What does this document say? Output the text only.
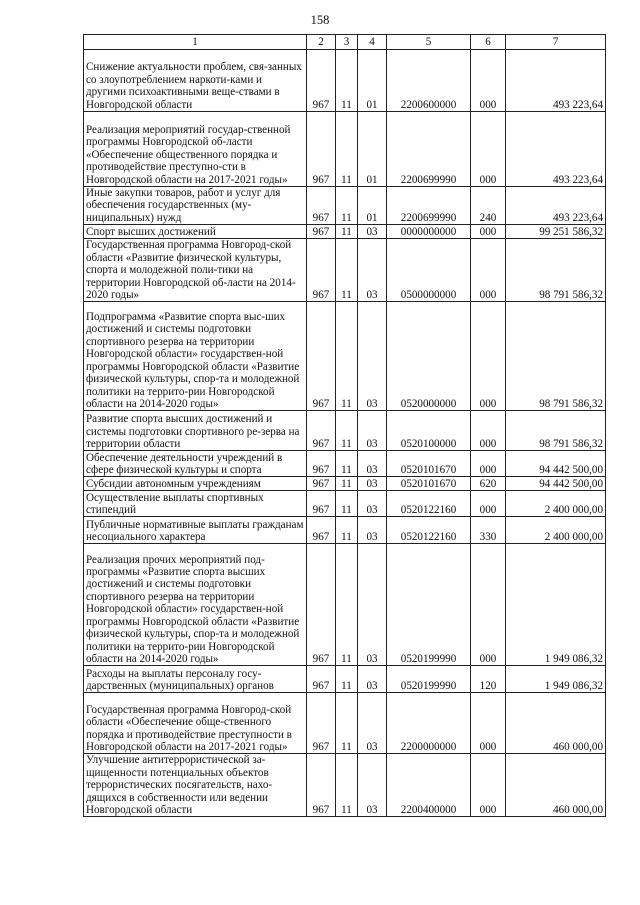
158
1	2	3	4	5	6	7
Снижение актуальности проблем, свя-занных со злоупотреблением наркоти-ками и другими психоактивными веще-ствами в Новгородской области	967	11	01	2200600000	000	493 223,64
Реализация мероприятий государ-ственной программы Новгородской об-ласти «Обеспечение общественного порядка и противодействие преступно-сти в Новгородской области на 2017-2021 годы»	967	11	01	2200699990	000	493 223,64
Иные закупки товаров, работ и услуг для обеспечения государственных (му-ниципальных) нужд	967	11	01	2200699990	240	493 223,64
Спорт высших достижений	967	11	03	0000000000	000	99 251 586,32
Государственная программа Новгород-ской области «Развитие физической культуры, спорта и молодежной поли-тики на территории Новгородской об-ласти на 2014-2020 годы»	967	11	03	0500000000	000	98 791 586,32
Подпрограмма «Развитие спорта выс-ших достижений и системы подготовки спортивного резерва на территории Новгородской области» государствен-ной программы Новгородской области «Развитие физической культуры, спор-та и молодежной политики на террито-рии Новгородской области на 2014-2020 годы»	967	11	03	0520000000	000	98 791 586,32
Развитие спорта высших достижений и системы подготовки спортивного ре-зерва на территории области	967	11	03	0520100000	000	98 791 586,32
Обеспечение деятельности учреждений в сфере физической культуры и спорта	967	11	03	0520101670	000	94 442 500,00
Субсидии автономным учреждениям	967	11	03	0520101670	620	94 442 500,00
Осуществление выплаты спортивных стипендий	967	11	03	0520122160	000	2 400 000,00
Публичные нормативные выплаты гражданам несоциального характера	967	11	03	0520122160	330	2 400 000,00
Реализация прочих мероприятий под-программы «Развитие спорта высших достижений и системы подготовки спортивного резерва на территории Новгородской области» государствен-ной программы Новгородской области «Развитие физической культуры, спор-та и молодежной политики на террито-рии Новгородской области на 2014-2020 годы»	967	11	03	0520199990	000	1 949 086,32
Расходы на выплаты персоналу госу-дарственных (муниципальных) органов	967	11	03	0520199990	120	1 949 086,32
Государственная программа Новгород-ской области «Обеспечение обще-ственного порядка и противодействие преступности в Новгородской области на 2017-2021 годы»	967	11	03	2200000000	000	460 000,00
Улучшение антитеррористической за-щищенности потенциальных объектов террористических посягательств, нахо-дящихся в собственности или ведении Новгородской области	967	11	03	2200400000	000	460 000,00
